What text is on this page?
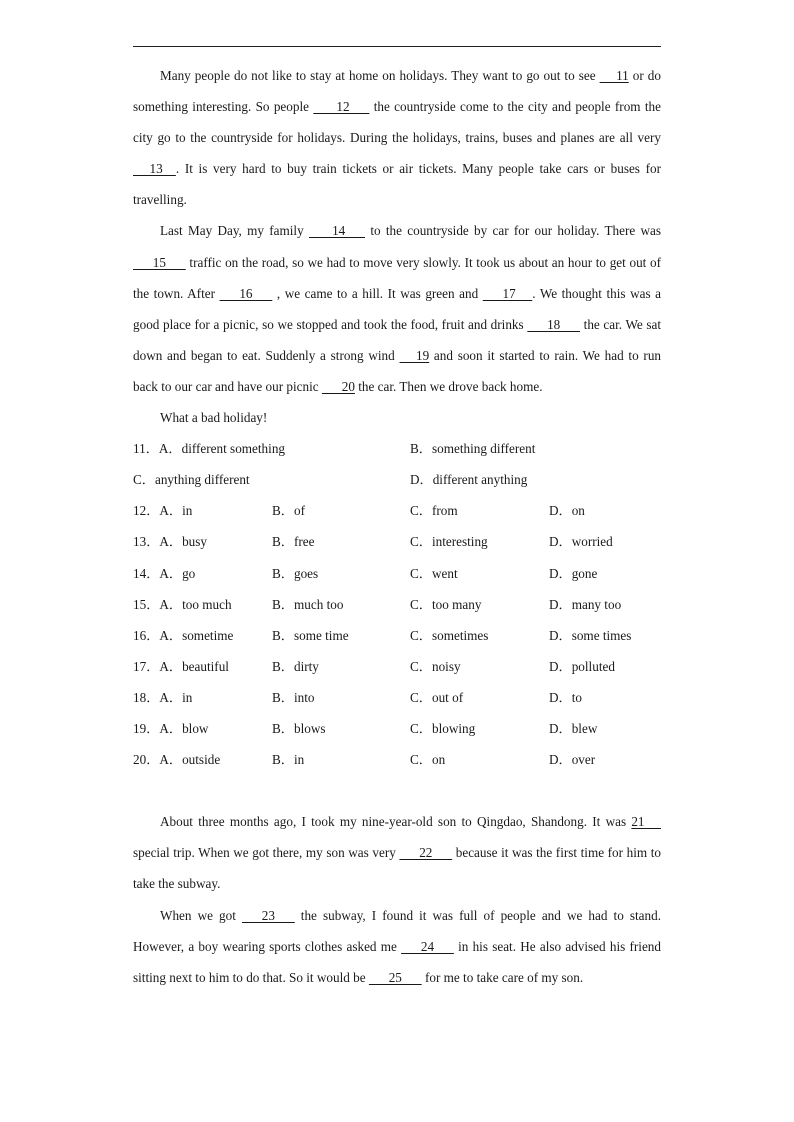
Many people do not like to stay at home on holidays. They want to go out to see      11 or do something interesting. So people        12       the countryside come to the city and people from the city go to the countryside for holidays. During the holidays, trains, buses and planes are all very      13    . It is very hard to buy train tickets or air tickets. Many people take cars or buses for travelling.
Last May Day, my family        14       to the countryside by car for our holiday. There was       15       traffic on the road, so we had to move very slowly. It took us about an hour to get out of the town. After       16       , we came to a hill. It was green and       17     . We thought this was a good place for a picnic, so we stopped and took the food, fruit and drinks       18       the car. We sat down and began to eat. Suddenly a strong wind      19 and soon it started to rain. We had to run back to our car and have our picnic       20 the car. Then we drove back home.
What a bad holiday!
11．A．different something	B．something different
C．anything different	D．different anything
12．A．in	B．of	C．from	D．on
13．A．busy	B．free	C．interesting	D．worried
14．A．go	B．goes	C．went	D．gone
15．A．too much	B．much too	C．too many	D．many too
16．A．sometime	B．some time	C．sometimes	D．some times
17．A．beautiful	B．dirty	C．noisy	D．polluted
18．A．in	B．into	C．out of	D．to
19．A．blow	B．blows	C．blowing	D．blew
20．A．outside	B．in	C．on	D．over
About three months ago, I took my nine-year-old son to Qingdao, Shandong. It was 21      special trip. When we got there, my son was very       22       because it was the first time for him to take the subway.
When we got       23       the subway, I found it was full of people and we had to stand. However, a boy wearing sports clothes asked me       24       in his seat. He also advised his friend sitting next to him to do that. So it would be       25       for me to take care of my son.
